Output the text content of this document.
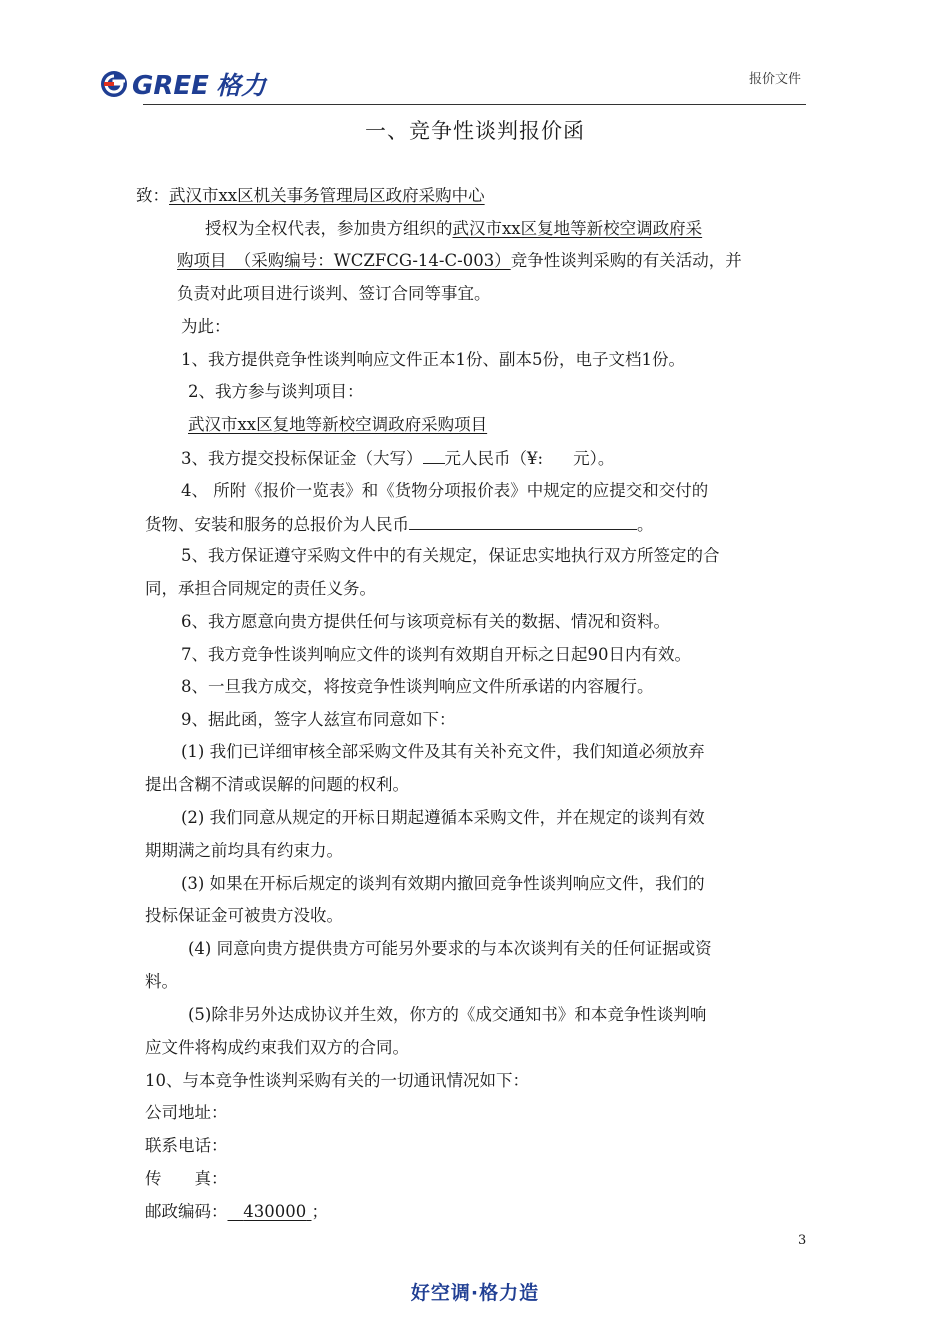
GREE 格力	报价文件
一、竞争性谈判报价函
致：武汉市xx区机关事务管理局区政府采购中心
授权为全权代表，参加贵方组织的武汉市xx区复地等新校空调政府采
购项目　 （采购编号：WCZFCG-14-C-003）竞争性谈判采购的有关活动，并
负责对此项目进行谈判、签订合同等事宜。
为此：
1、我方提供竞争性谈判响应文件正本1份、副本5份，电子文档1份。
2、我方参与谈判项目：
武汉市xx区复地等新校空调政府采购项目
3、我方提交投标保证金（大写） 元人民币（¥: 元）。
4、 所附《报价一览表》和《货物分项报价表》中规定的应提交和交付的
货物、安装和服务的总报价为人民币	。
5、我方保证遵守采购文件中的有关规定，保证忠实地执行双方所签定的合
同，承担合同规定的责任义务。
6、我方愿意向贵方提供任何与该项竞标有关的数据、情况和资料。
7、我方竞争性谈判响应文件的谈判有效期自开标之日起90日内有效。
8、一旦我方成交，将按竞争性谈判响应文件所承诺的内容履行。
9、据此函，签字人兹宣布同意如下：
(1) 我们已详细审核全部采购文件及其有关补充文件，我们知道必须放弃
提出含糊不清或误解的问题的权利。
(2) 我们同意从规定的开标日期起遵循本采购文件，并在规定的谈判有效
期期满之前均具有约束力。
(3) 如果在开标后规定的谈判有效期内撤回竞争性谈判响应文件，我们的
投标保证金可被贵方没收。
(4) 同意向贵方提供贵方可能另外要求的与本次谈判有关的任何证据或资
料。
(5)除非另外达成协议并生效，你方的《成交通知书》和本竞争性谈判响
应文件将构成约束我们双方的合同。
10、与本竞争性谈判采购有关的一切通讯情况如下：
公司地址：
联系电话：
传　　真：
邮政编码： 430000 ；
3
好空调·格力造
